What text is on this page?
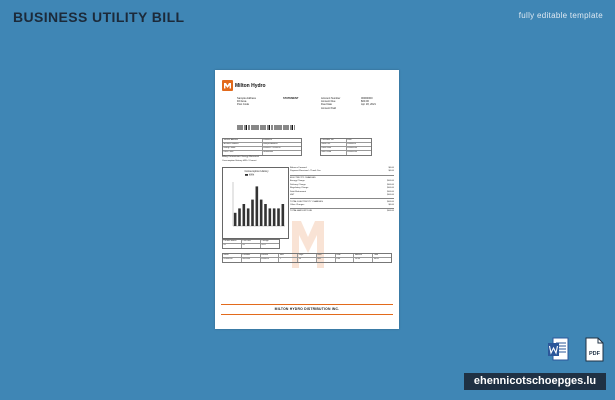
BUSINESS UTILITY BILL	fully editable template
Milton Hydro
Sample Address
Fill Area
Post Code
STATEMENT	Account Number	00000000
Amount Due	$00.00
Due Date	Apr 18, 2021
Amount Paid
Service Address	00000000
Account Number	Sample Address
Billing Period	00/00/00 - 00/00/00
Rate Class	Residential
Customer No.	0000
Meter No.	00000000
Read Date	00/00/0000
Next Read	00/00/0000
Billing Determinant: Energy Measured
Consumption History kWh / Current
Consumption History
kWh
Current Month	Last Year	Change
00	00	00%
Balance Forward	$0.00
Payment Received - Thank You	$0.00
ELECTRICITY CHARGES
Energy Charge	$00.00
Delivery Charge	$00.00
Regulatory Charge	$00.00
Debt Retirement	$00.00
HST	$00.00
TOTAL ELECTRICITY CHARGES	$00.00
Other Charges	$0.00
TOTAL AMOUNT DUE	$00.00
Meter	Previous	Present	Mult	Days	kWh	Rate	Amount	Total
00000000	00/00/00	00/00/00	1	30	000	0.00	00.00	00.00
MILTON HYDRO DISTRIBUTION INC.
PDF
ehennicotschoepges.lu
